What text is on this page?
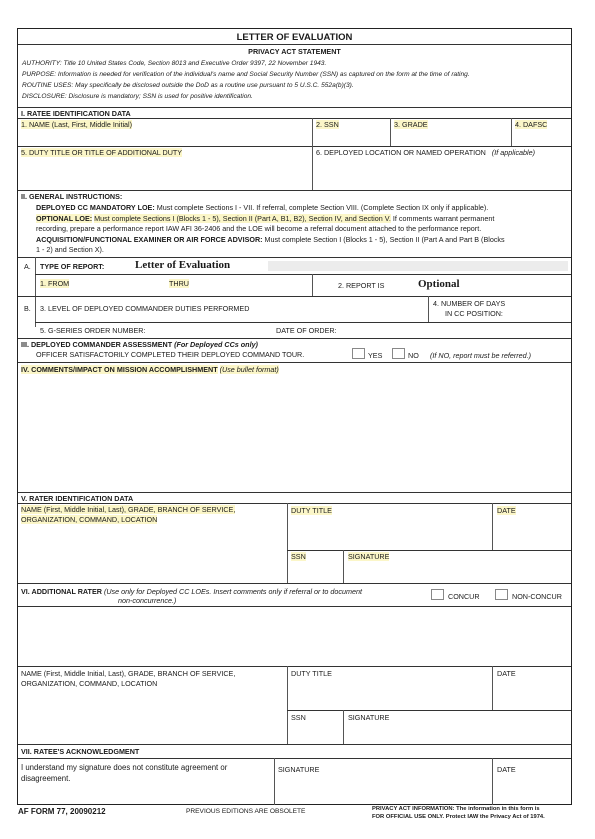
LETTER OF EVALUATION
PRIVACY ACT STATEMENT
AUTHORITY: Title 10 United States Code, Section 8013 and Executive Order 9397, 22 November 1943.
PURPOSE: Information is needed for verification of the individual's name and Social Security Number (SSN) as captured on the form at the time of rating.
ROUTINE USES: May specifically be disclosed outside the DoD as a routine use pursuant to 5 U.S.C. 552a(b)(3).
DISCLOSURE: Disclosure is mandatory; SSN is used for positive identification.
I. RATEE IDENTIFICATION DATA
1. NAME (Last, First, Middle Initial)	2. SSN	3. GRADE	4. DAFSC
5. DUTY TITLE OR TITLE OF ADDITIONAL DUTY	6. DEPLOYED LOCATION OR NAMED OPERATION (If applicable)
II. GENERAL INSTRUCTIONS:
DEPLOYED CC MANDATORY LOE: Must complete Sections I - VII. If referral, complete Section VIII. (Complete Section IX only if applicable).
OPTIONAL LOE: Must complete Sections I (Blocks 1 - 5), Section II (Part A, B1, B2), Section IV, and Section V. If comments warrant permanent
recording, prepare a performance report IAW AFI 36-2406 and the LOE will become a referral document attached to the performance report.
ACQUISITION/FUNCTIONAL EXAMINER OR AIR FORCE ADVISOR: Must complete Section I (Blocks 1 - 5), Section II (Part A and Part B (Blocks
1 - 2) and Section X).
A. TYPE OF REPORT:	Letter of Evaluation
1. FROM	THRU	2. REPORT IS	Optional
B. 3. LEVEL OF DEPLOYED COMMANDER DUTIES PERFORMED
4. NUMBER OF DAYS
IN CC POSITION:
5. G-SERIES ORDER NUMBER:	DATE OF ORDER:
III. DEPLOYED COMMANDER ASSESSMENT (For Deployed CCs only)
OFFICER SATISFACTORILY COMPLETED THEIR DEPLOYED COMMAND TOUR.	YES	NO (If NO, report must be referred.)
IV. COMMENTS/IMPACT ON MISSION ACCOMPLISHMENT (Use bullet format)
V. RATER IDENTIFICATION DATA
NAME (First, Middle Initial, Last), GRADE, BRANCH OF SERVICE,
ORGANIZATION, COMMAND, LOCATION
DUTY TITLE	DATE
SSN	SIGNATURE
VI. ADDITIONAL RATER (Use only for Deployed CC LOEs. Insert comments only if referral or to document
non-concurrence.)	CONCUR	NON-CONCUR
NAME (First, Middle Initial, Last), GRADE, BRANCH OF SERVICE,
ORGANIZATION, COMMAND, LOCATION
DUTY TITLE	DATE
SSN	SIGNATURE
VII. RATEE'S ACKNOWLEDGMENT
I understand my signature does not constitute agreement or
disagreement.
SIGNATURE	DATE
AF FORM 77, 20090212	PREVIOUS EDITIONS ARE OBSOLETE	PRIVACY ACT INFORMATION: The information in this form is
FOR OFFICIAL USE ONLY. Protect IAW the Privacy Act of 1974.
